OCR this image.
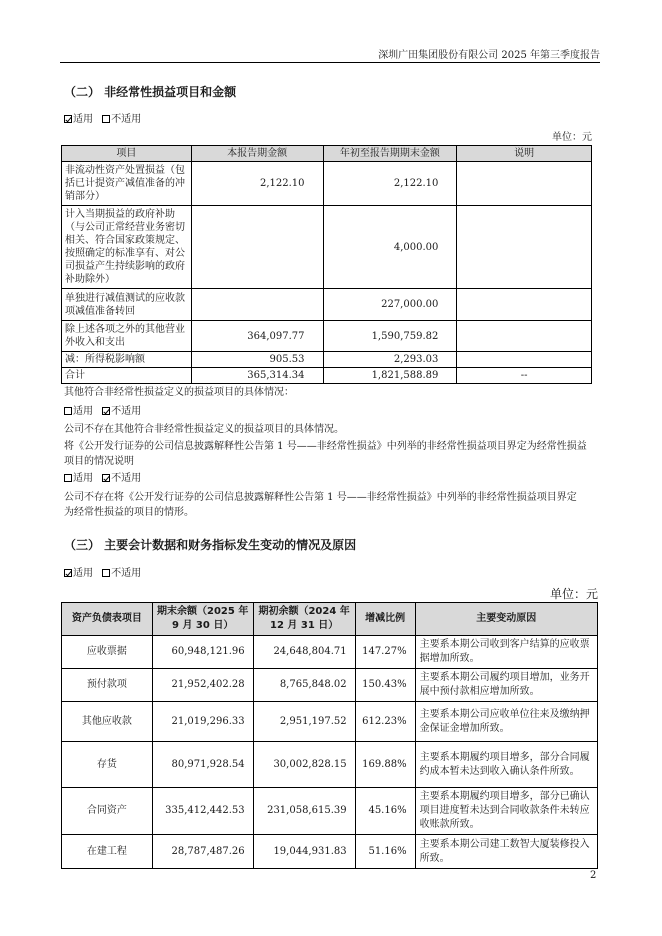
深圳广田集团股份有限公司 2025 年第三季度报告
（二） 非经常性损益项目和金额
适用 不适用
单位：元
项目	本报告期金额	年初至报告期期末金额	说明
非流动性资产处置损益（包括已计提资产减值准备的冲销部分）	2,122.10	2,122.10	
计入当期损益的政府补助（与公司正常经营业务密切相关、符合国家政策规定、按照确定的标准享有、对公司损益产生持续影响的政府补助除外）		4,000.00	
单独进行减值测试的应收款项减值准备转回		227,000.00	
除上述各项之外的其他营业外收入和支出	364,097.77	1,590,759.82	
减：所得税影响额	905.53	2,293.03	
合计	365,314.34	1,821,588.89	--
其他符合非经常性损益定义的损益项目的具体情况：
适用 不适用
公司不存在其他符合非经常性损益定义的损益项目的具体情况。
将《公开发行证券的公司信息披露解释性公告第 1 号——非经常性损益》中列举的非经常性损益项目界定为经常性损益项目的情况说明
适用 不适用
公司不存在将《公开发行证券的公司信息披露解释性公告第 1 号——非经常性损益》中列举的非经常性损益项目界定为经常性损益的项目的情形。
（三） 主要会计数据和财务指标发生变动的情况及原因
适用 不适用
单位：元
资产负债表项目	期末余额（2025 年 9 月 30 日）	期初余额（2024 年 12 月 31 日）	增减比例	主要变动原因
应收票据	60,948,121.96	24,648,804.71	147.27%	主要系本期公司收到客户结算的应收票据增加所致。
预付款项	21,952,402.28	8,765,848.02	150.43%	主要系本期公司履约项目增加，业务开展中预付款相应增加所致。
其他应收款	21,019,296.33	2,951,197.52	612.23%	主要系本期公司应收单位往来及缴纳押金保证金增加所致。
存货	80,971,928.54	30,002,828.15	169.88%	主要系本期履约项目增多，部分合同履约成本暂未达到收入确认条件所致。
合同资产	335,412,442.53	231,058,615.39	45.16%	主要系本期履约项目增多，部分已确认项目进度暂未达到合同收款条件未转应收账款所致。
在建工程	28,787,487.26	19,044,931.83	51.16%	主要系本期公司建工数智大厦装修投入所致。
2
